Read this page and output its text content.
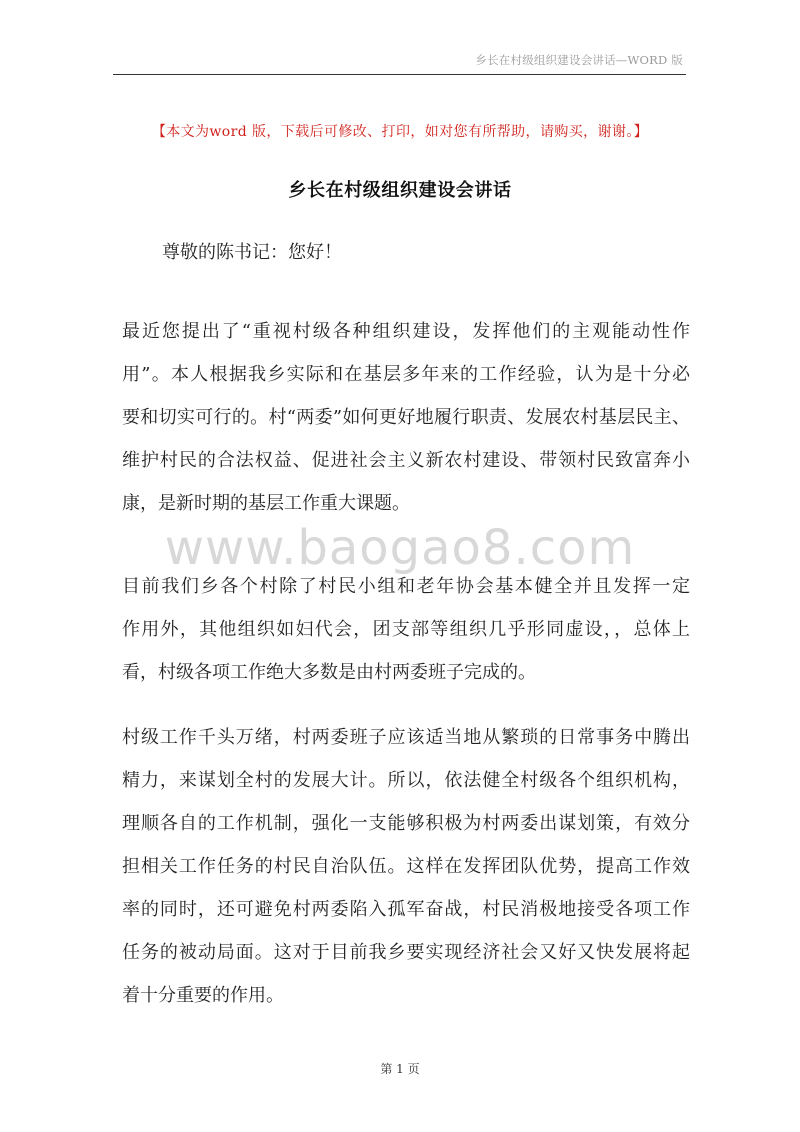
乡长在村级组织建设会讲话—WORD 版
【本文为word 版，下载后可修改、打印，如对您有所帮助，请购买，谢谢。】
乡长在村级组织建设会讲话
尊敬的陈书记：您好！
最近您提出了“重视村级各种组织建设，发挥他们的主观能动性作
用”。本人根据我乡实际和在基层多年来的工作经验，认为是十分必
要和切实可行的。村“两委”如何更好地履行职责、发展农村基层民主、
维护村民的合法权益、促进社会主义新农村建设、带领村民致富奔小
康，是新时期的基层工作重大课题。
www.baogao8.com
目前我们乡各个村除了村民小组和老年协会基本健全并且发挥一定
作用外，其他组织如妇代会，团支部等组织几乎形同虚设，，总体上
看，村级各项工作绝大多数是由村两委班子完成的。
村级工作千头万绪，村两委班子应该适当地从繁琐的日常事务中腾出
精力，来谋划全村的发展大计。所以，依法健全村级各个组织机构，
理顺各自的工作机制，强化一支能够积极为村两委出谋划策，有效分
担相关工作任务的村民自治队伍。这样在发挥团队优势，提高工作效
率的同时，还可避免村两委陷入孤军奋战，村民消极地接受各项工作
任务的被动局面。这对于目前我乡要实现经济社会又好又快发展将起
着十分重要的作用。
第 1 页
